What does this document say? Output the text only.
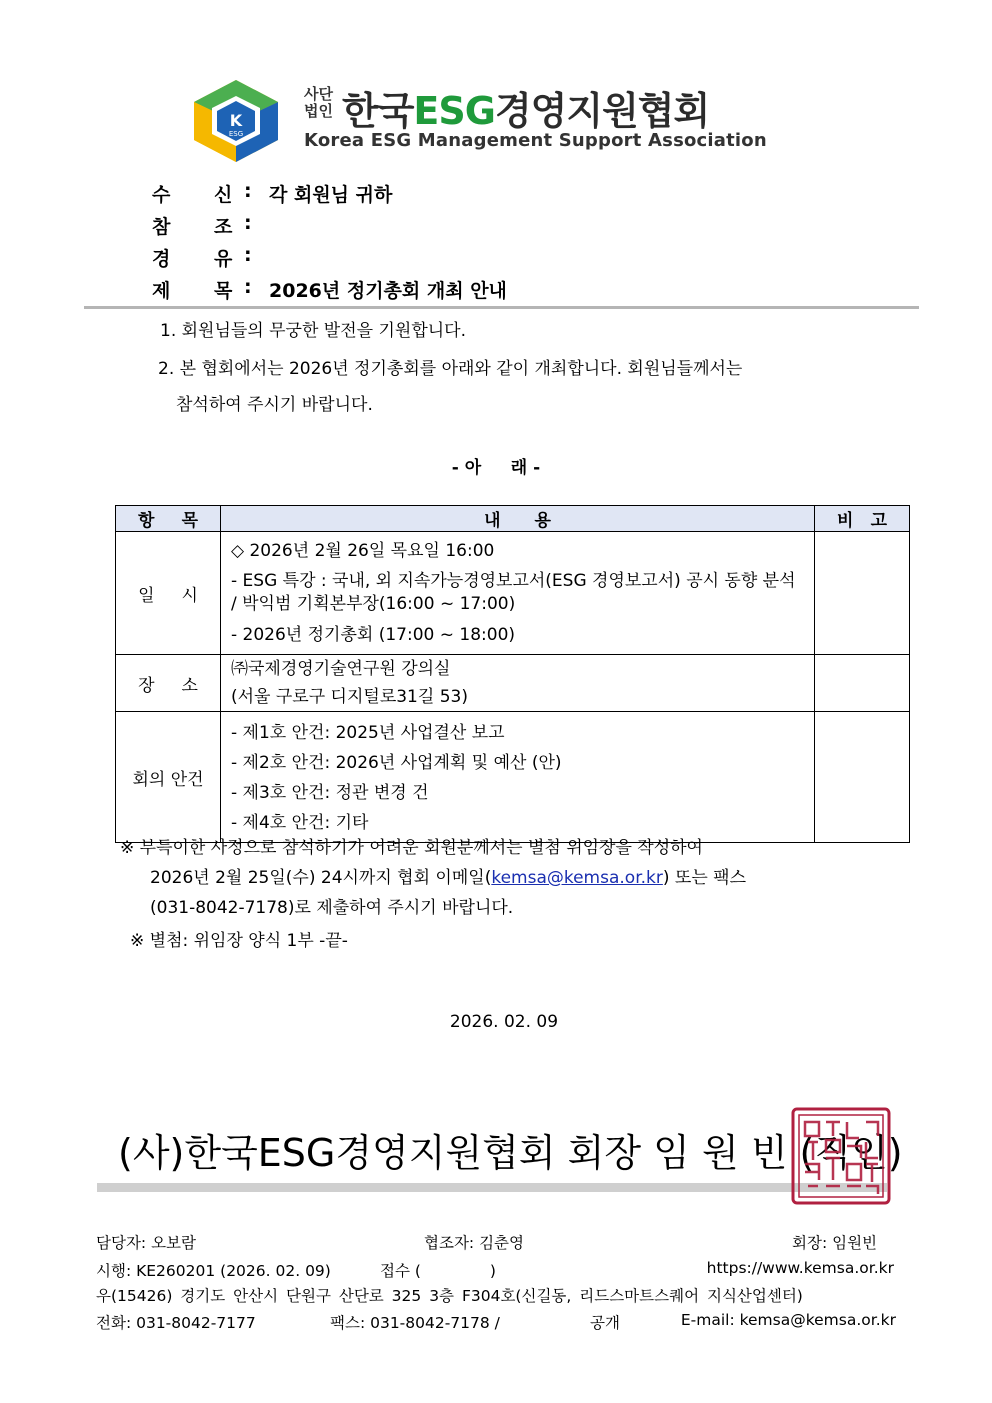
K
ESG
사단
법인 한국ESG경영지원협회
Korea ESG Management Support Association
수 신 : 각 회원님 귀하
참 조 :
경 유 :
제 목 : 2026년 정기총회 개최 안내
1. 회원님들의 무궁한 발전을 기원합니다.
2. 본 협회에서는 2026년 정기총회를 아래와 같이 개최합니다. 회원님들께서는
참석하여 주시기 바랍니다.
- 아     래 -
항 목	내 용	비 고

일     시	◇ 2026년 2월 26일 목요일 16:00
- ESG 특강 : 국내, 외 지속가능경영보고서(ESG 경영보고서) 공시 동향 분석 / 박익범 기획본부장(16:00 ~ 17:00)
- 2026년 정기총회 (17:00 ~ 18:00)	

장     소	㈜국제경영기술연구원 강의실
(서울 구로구 디지털로31길 53)	

회의 안건	- 제1호 안건: 2025년 사업결산 보고
- 제2호 안건: 2026년 사업계획 및 예산 (안)
- 제3호 안건: 정관 변경 건
- 제4호 안건: 기타	

※ 부득이한 사정으로 참석하기가 어려운 회원분께서는 별첨 위임장을 작성하여
2026년 2월 25일(수) 24시까지 협회 이메일(kemsa@kemsa.or.kr) 또는 팩스
(031-8042-7178)로 제출하여 주시기 바랍니다.
※ 별첨: 위임장 양식 1부 -끝-
2026. 02. 09
(사)한국ESG경영지원협회 회장 임 원 빈 (직인)
담당자: 오보람	협조자: 김춘영	회장: 임원빈
시행: KE260201 (2026. 02. 09)	접수 (              )	https://www.kemsa.or.kr
우(15426) 경기도 안산시 단원구 산단로 325 3층 F304호(신길동, 리드스마트스퀘어 지식산업센터)
전화: 031-8042-7177	팩스: 031-8042-7178 /	공개	E-mail: kemsa@kemsa.or.kr
